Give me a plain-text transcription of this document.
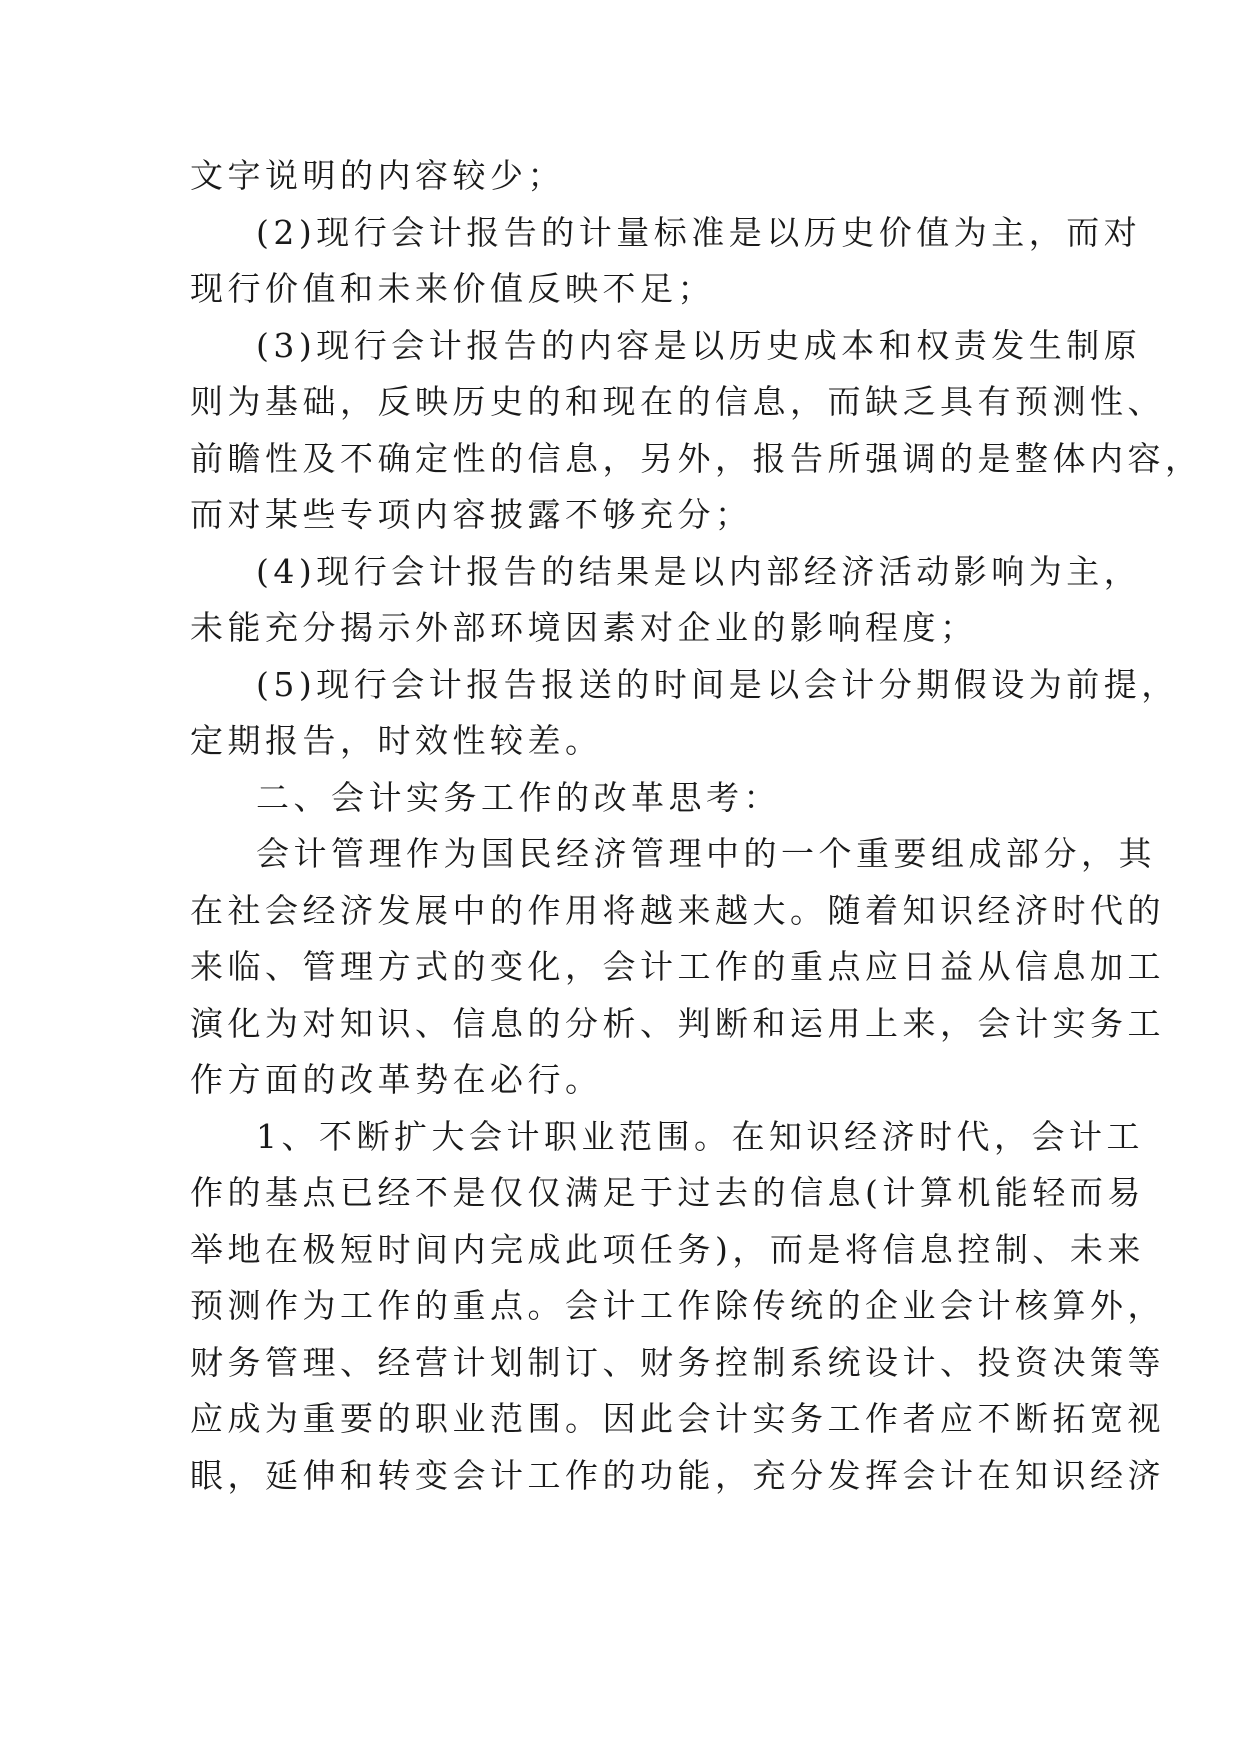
文字说明的内容较少；
(2)现行会计报告的计量标准是以历史价值为主，而对
现行价值和未来价值反映不足；
(3)现行会计报告的内容是以历史成本和权责发生制原
则为基础，反映历史的和现在的信息，而缺乏具有预测性、
前瞻性及不确定性的信息，另外，报告所强调的是整体内容，
而对某些专项内容披露不够充分；
(4)现行会计报告的结果是以内部经济活动影响为主，
未能充分揭示外部环境因素对企业的影响程度；
(5)现行会计报告报送的时间是以会计分期假设为前提，
定期报告，时效性较差。
二、会计实务工作的改革思考：
会计管理作为国民经济管理中的一个重要组成部分，其
在社会经济发展中的作用将越来越大。随着知识经济时代的
来临、管理方式的变化，会计工作的重点应日益从信息加工
演化为对知识、信息的分析、判断和运用上来，会计实务工
作方面的改革势在必行。
1、不断扩大会计职业范围。在知识经济时代，会计工
作的基点已经不是仅仅满足于过去的信息(计算机能轻而易
举地在极短时间内完成此项任务)，而是将信息控制、未来
预测作为工作的重点。会计工作除传统的企业会计核算外，
财务管理、经营计划制订、财务控制系统设计、投资决策等
应成为重要的职业范围。因此会计实务工作者应不断拓宽视
眼，延伸和转变会计工作的功能，充分发挥会计在知识经济
